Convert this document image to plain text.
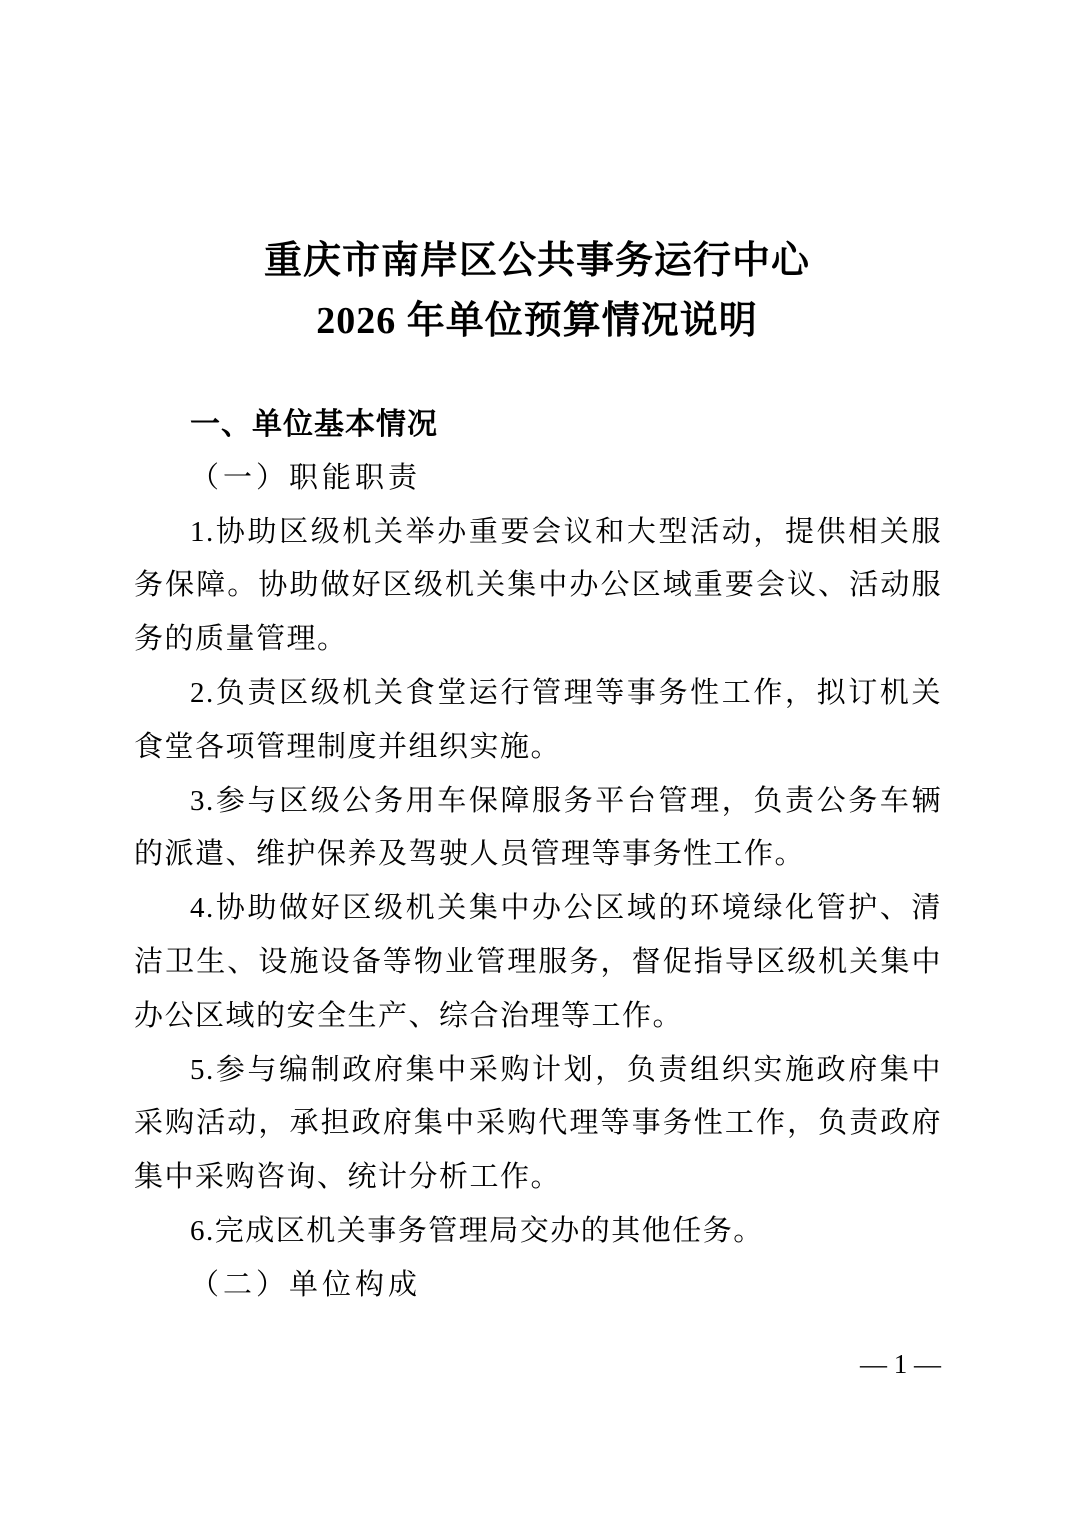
重庆市南岸区公共事务运行中心
2026 年单位预算情况说明
一、单位基本情况
（一）职能职责

1.协助区级机关举办重要会议和大型活动，提供相关服务保障。协助做好区级机关集中办公区域重要会议、活动服务的质量管理。

2.负责区级机关食堂运行管理等事务性工作，拟订机关食堂各项管理制度并组织实施。

3.参与区级公务用车保障服务平台管理，负责公务车辆的派遣、维护保养及驾驶人员管理等事务性工作。

4.协助做好区级机关集中办公区域的环境绿化管护、清洁卫生、设施设备等物业管理服务，督促指导区级机关集中办公区域的安全生产、综合治理等工作。

5.参与编制政府集中采购计划，负责组织实施政府集中采购活动，承担政府集中采购代理等事务性工作，负责政府集中采购咨询、统计分析工作。

6.完成区机关事务管理局交办的其他任务。

（二）单位构成
— 1 —
